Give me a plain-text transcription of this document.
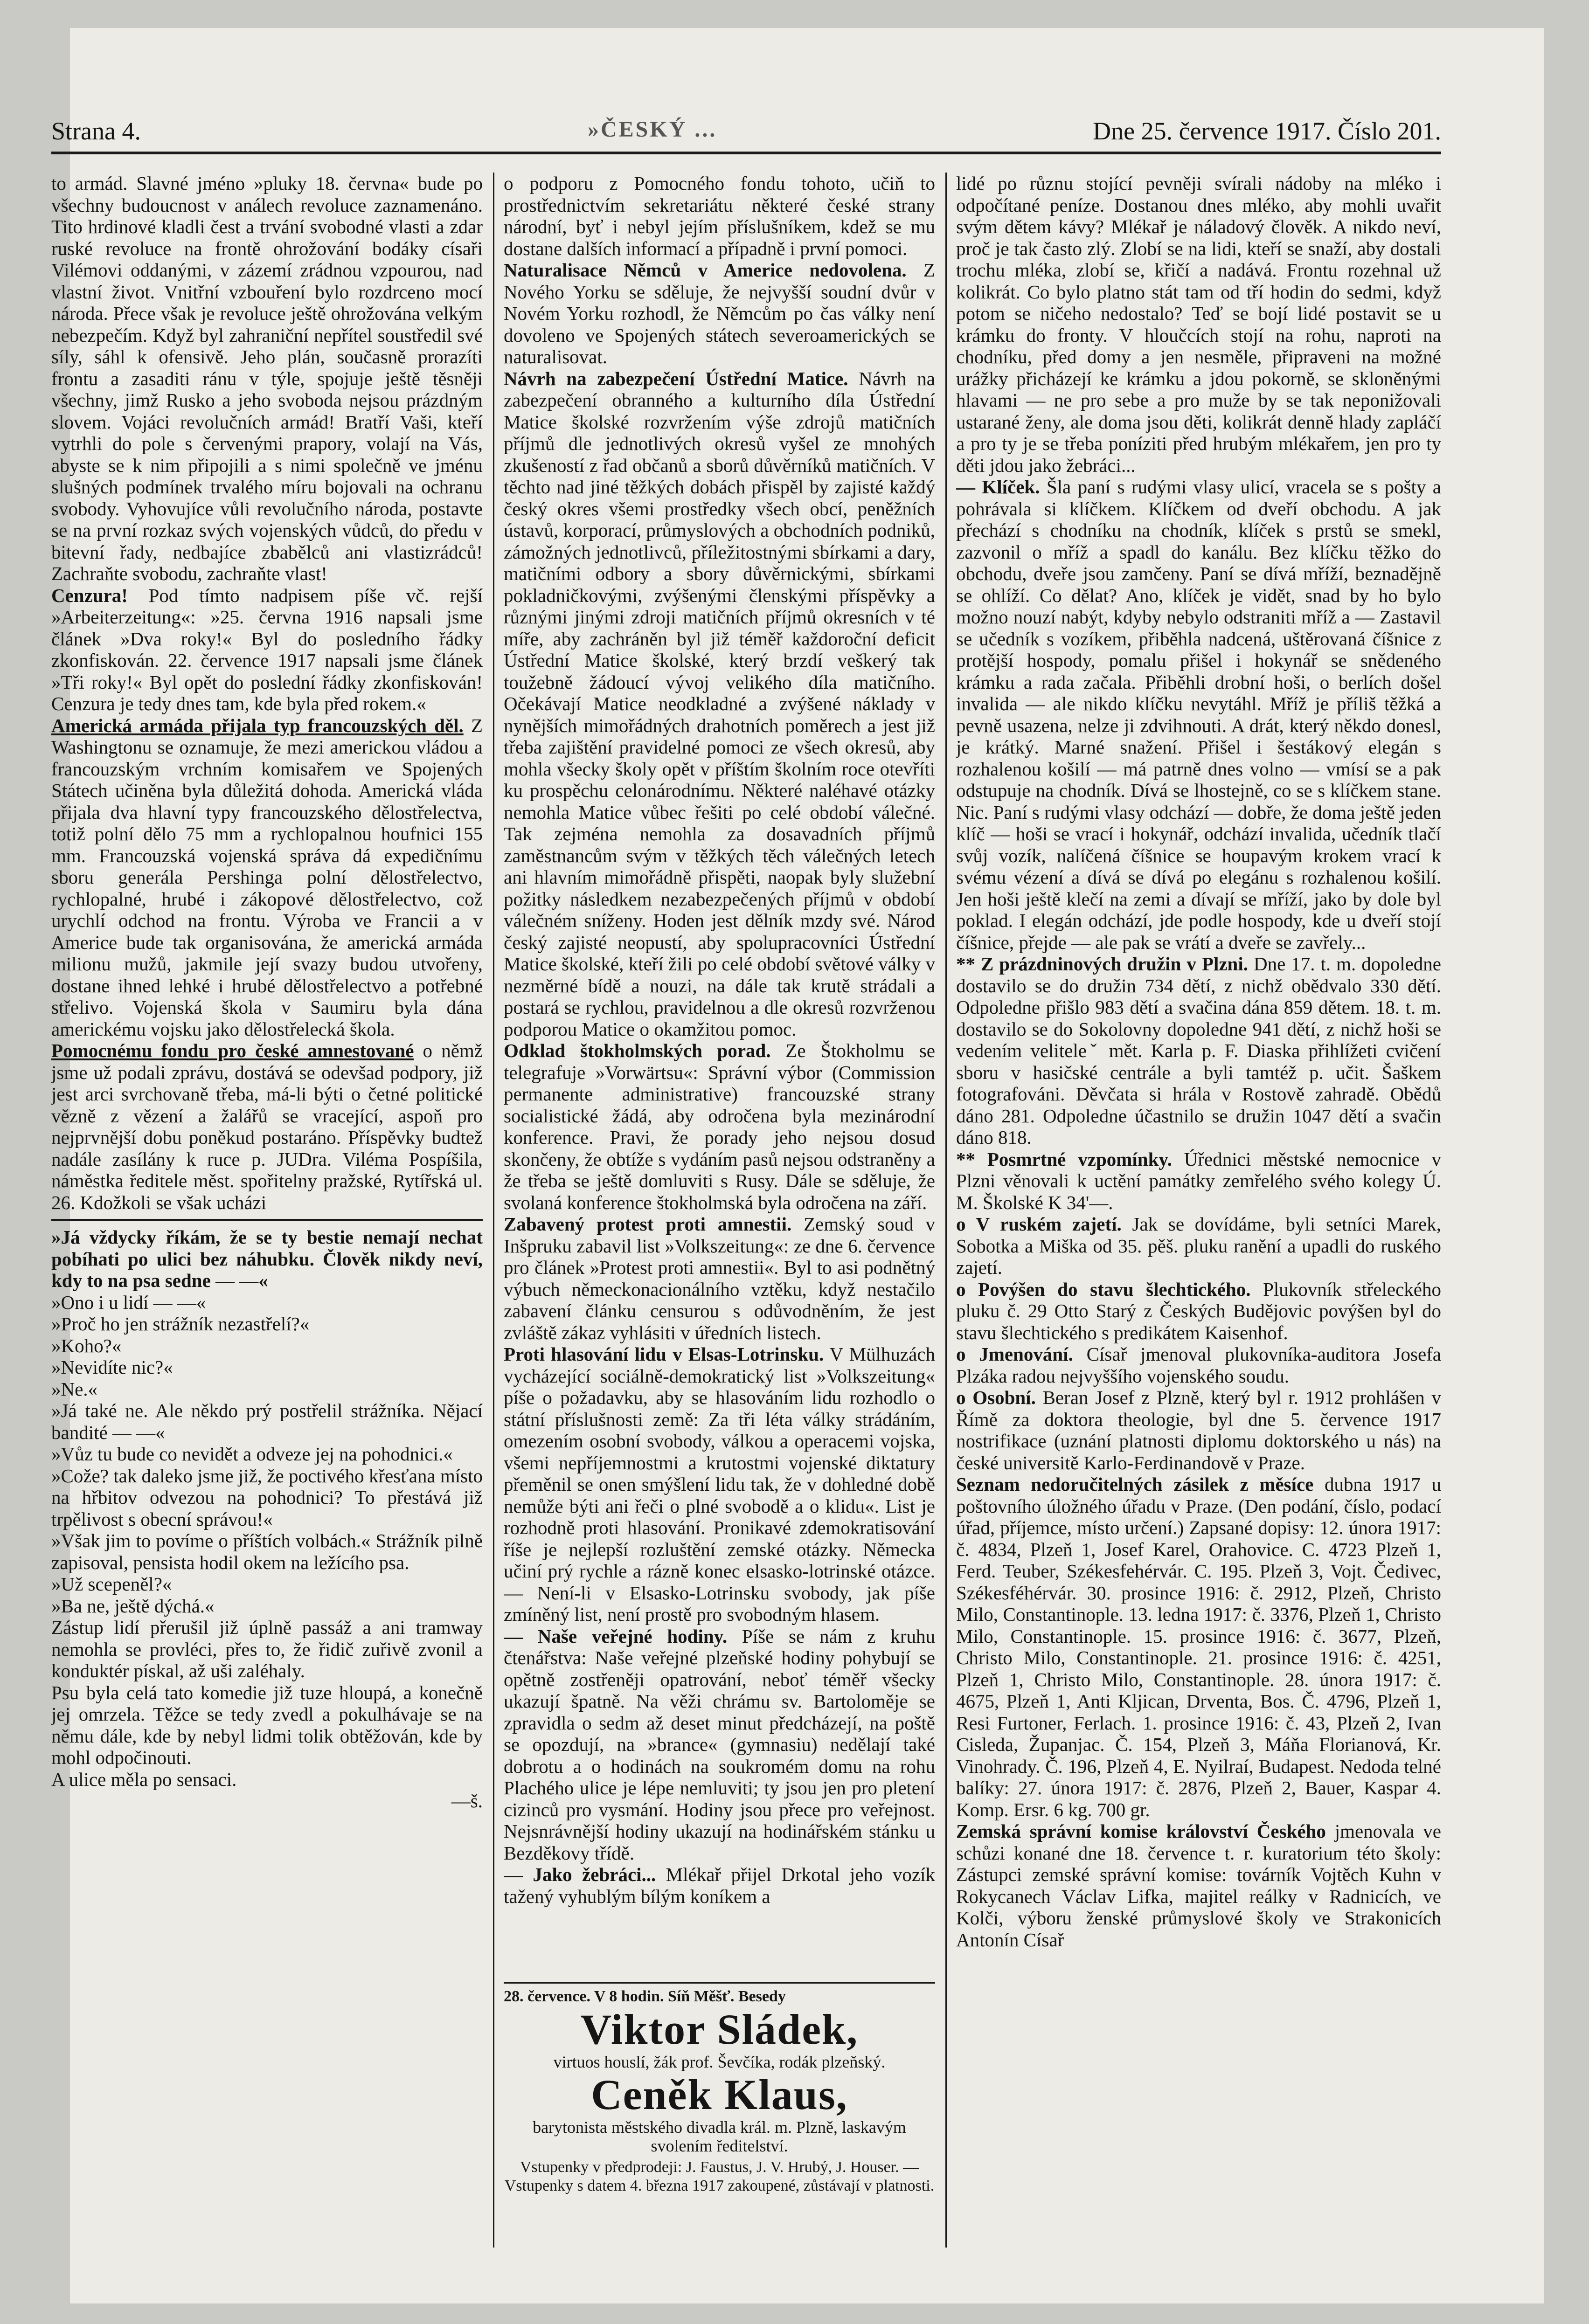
Strana 4.	»ČESKÝ ...	Dne 25. července 1917. Číslo 201.

to armád. Slavné jméno »pluky 18. června« bude po všechny budoucnost v análech revoluce zaznamenáno. Tito hrdinové kladli čest a trvání svobodné vlasti a zdar ruské revoluce na frontě ohrožování bodáky císaři Vilémovi oddanými, v zázemí zrádnou vzpourou, nad vlastní život. Vnitřní vzbouření bylo rozdrceno mocí národa. Přece však je revoluce ještě ohrožována velkým nebezpečím. Když byl zahraniční nepřítel soustředil své síly, sáhl k ofensivě. Jeho plán, současně prorazíti frontu a zasaditi ránu v týle, spojuje ještě těsněji všechny, jimž Rusko a jeho svoboda nejsou prázdným slovem. Vojáci revolučních armád! Bratří Vaši, kteří vytrhli do pole s červenými prapory, volají na Vás, abyste se k nim připojili a s nimi společně ve jménu slušných podmínek trvalého míru bojovali na ochranu svobody. Vyhovujíce vůli revolučního národa, postavte se na první rozkaz svých vojenských vůdců, do předu v bitevní řady, nedbajíce zbabělců ani vlastizrádců! Zachraňte svobodu, zachraňte vlast!

Cenzura! Pod tímto nadpisem píše vč. rejší »Arbeiterzeitung«: »25. června 1916 napsali jsme článek »Dva roky!« Byl do posledního řádky zkonfiskován. 22. července 1917 napsali jsme článek »Tři roky!« Byl opět do poslední řádky zkonfiskován! Cenzura je tedy dnes tam, kde byla před rokem.«

Americká armáda přijala typ francouzských děl. Z Washingtonu se oznamuje, že mezi americkou vládou a francouzským vrchním komisařem ve Spojených Státech učiněna byla důležitá dohoda. Americká vláda přijala dva hlavní typy francouzského dělostřelectva, totiž polní dělo 75 mm a rychlopalnou houfnici 155 mm. Francouzská vojenská správa dá expedičnímu sboru generála Pershinga polní dělostřelectvo, rychlopalné, hrubé i zákopové dělostřelectvo, což urychlí odchod na frontu. Výroba ve Francii a v Americe bude tak organisována, že americká armáda milionu mužů, jakmile její svazy budou utvořeny, dostane ihned lehké i hrubé dělostřelectvo a potřebné střelivo. Vojenská škola v Saumiru byla dána americkému vojsku jako dělostřelecká škola.

Pomocnému fondu pro české amnestované o němž jsme už podali zprávu, dostává se odevšad podpory, již jest arci svrchovaně třeba, má-li býti o četné politické vězně z vězení a žalářů se vracející, aspoň pro nejprvnější dobu poněkud postaráno. Příspěvky budtež nadále zasílány k ruce p. JUDra. Viléma Pospíšila, náměstka ředitele měst. spořitelny pražské, Rytířská ul. 26. Kdožkoli se však ucházi

»Já vždycky říkám, že se ty bestie nemají nechat pobíhati po ulici bez náhubku. Člověk nikdy neví, kdy to na psa sedne — —«

»Ono i u lidí — —«

»Proč ho jen strážník nezastřelí?«

»Koho?«

»Nevidíte nic?«

»Ne.«

»Já také ne. Ale někdo prý postřelil strážníka. Nějací bandité — —«

»Vůz tu bude co nevidět a odveze jej na pohodnici.«

»Cože? tak daleko jsme již, že poctivého křesťana místo na hřbitov odvezou na pohodnici? To přestává již trpělivost s obecní správou!«

»Však jim to povíme o příštích volbách.« Strážník pilně zapisoval, pensista hodil okem na ležícího psa.

»Už scepeněl?«

»Ba ne, ještě dýchá.«

Zástup lidí přerušil již úplně passáž a ani tramway nemohla se provléci, přes to, že řidič zuřivě zvonil a konduktér pískal, až uši zaléhaly.

Psu byla celá tato komedie již tuze hloupá, a konečně jej omrzela. Těžce se tedy zvedl a pokulhávaje se na němu dále, kde by nebyl lidmi tolik obtěžován, kde by mohl odpočinouti.

A ulice měla po sensaci.

—š.

o podporu z Pomocného fondu tohoto, učiň to prostřednictvím sekretariátu některé české strany národní, byť i nebyl jejím příslušníkem, kdež se mu dostane dalších informací a případně i první pomoci.

Naturalisace Němců v Americe nedovolena. Z Nového Yorku se sděluje, že nejvyšší soudní dvůr v Novém Yorku rozhodl, že Němcům po čas války není dovoleno ve Spojených státech severoamerických se naturalisovat.

Návrh na zabezpečení Ústřední Matice. Návrh na zabezpečení obranného a kulturního díla Ústřední Matice školské rozvržením výše zdrojů matičních příjmů dle jednotlivých okresů vyšel ze mnohých zkušeností z řad občanů a sborů důvěrníků matičních. V těchto nad jiné těžkých dobách přispěl by zajisté každý český okres všemi prostředky všech obcí, peněžních ústavů, korporací, průmyslových a obchodních podniků, zámožných jednotlivců, příležitostnými sbírkami a dary, matičními odbory a sbory důvěrnickými, sbírkami pokladničkovými, zvýšenými členskými příspěvky a různými jinými zdroji matičních příjmů okresních v té míře, aby zachráněn byl již téměř každoroční deficit Ústřední Matice školské, který brzdí veškerý tak toužebně žádoucí vývoj velikého díla matičního. Očekávají Matice neodkladné a zvýšené náklady v nynějších mimořádných drahotních poměrech a jest již třeba zajištění pravidelné pomoci ze všech okresů, aby mohla všecky školy opět v příštím školním roce otevříti ku prospěchu celonárodnímu. Některé naléhavé otázky nemohla Matice vůbec řešiti po celé období válečné. Tak zejména nemohla za dosavadních příjmů zaměstnancům svým v těžkých těch válečných letech ani hlavním mimořádně přispěti, naopak byly služební požitky následkem nezabezpečených příjmů v období válečném sníženy. Hoden jest dělník mzdy své. Národ český zajisté neopustí, aby spolupracovníci Ústřední Matice školské, kteří žili po celé období světové války v nezměrné bídě a nouzi, na dále tak krutě strádali a postará se rychlou, pravidelnou a dle okresů rozvrženou podporou Matice o okamžitou pomoc.

Odklad štokholmských porad. Ze Štokholmu se telegrafuje »Vorwärtsu«: Správní výbor (Commission permanente administrative) francouzské strany socialistické žádá, aby odročena byla mezinárodní konference. Pravi, že porady jeho nejsou dosud skončeny, že obtíže s vydáním pasů nejsou odstraněny a že třeba se ještě domluviti s Rusy. Dále se sděluje, že svolaná konference štokholmská byla odročena na září.

Zabavený protest proti amnestii. Zemský soud v Inšpruku zabavil list »Volkszeitung«: ze dne 6. července pro článek »Protest proti amnestii«. Byl to asi podnětný výbuch německonacionálního vztěku, když nestačilo zabavení článku censurou s odůvodněním, že jest zvláště zákaz vyhlásiti v úředních listech.

Proti hlasování lidu v Elsas-Lotrinsku. V Mülhuzách vycházející sociálně-demokratický list »Volkszeitung« píše o požadavku, aby se hlasováním lidu rozhodlo o státní příslušnosti země: Za tři léta války strádáním, omezením osobní svobody, válkou a operacemi vojska, všemi nepříjemnostmi a krutostmi vojenské diktatury přeměnil se onen smýšlení lidu tak, že v dohledné době nemůže býti ani řeči o plné svobodě a o klidu«. List je rozhodně proti hlasování. Pronikavé zdemokratisování říše je nejlepší rozluštění zemské otázky. Německa učiní prý rychle a rázně konec elsasko-lotrinské otázce. — Není-li v Elsasko-Lotrinsku svobody, jak píše zmíněný list, není prostě pro svobodným hlasem.

— Naše veřejné hodiny. Píše se nám z kruhu čtenářstva: Naše veřejné plzeňské hodiny pohybují se opětně zostřeněji opatrování, neboť téměř všecky ukazují špatně. Na věži chrámu sv. Bartoloměje se zpravidla o sedm až deset minut předcházejí, na poště se opozdují, na »brance« (gymnasiu) nedělají také dobrotu a o hodinách na soukromém domu na rohu Plachého ulice je lépe nemluviti; ty jsou jen pro pletení cizinců pro vysmání. Hodiny jsou přece pro veřejnost. Nejsnrávnější hodiny ukazují na hodinářském stánku u Bezděkovy třídě.

— Jako žebráci... Mlékař přijel Drkotal jeho vozík tažený vyhublým bílým koníkem a

28. července. V 8 hodin. Síň Měšť. Besedy
Viktor Sládek,
virtuos houslí, žák prof. Ševčíka, rodák plzeňský.
Ceněk Klaus,
barytonista městského divadla král. m. Plzně, laskavým svolením ředitelství.
Vstupenky v předprodeji: J. Faustus, J. V. Hrubý, J. Houser. — Vstupenky s datem 4. března 1917 zakoupené, zůstávají v platnosti.

lidé po různu stojící pevněji svírali nádoby na mléko i odpočítané peníze. Dostanou dnes mléko, aby mohli uvařit svým dětem kávy? Mlékař je náladový člověk. A nikdo neví, proč je tak často zlý. Zlobí se na lidi, kteří se snaží, aby dostali trochu mléka, zlobí se, křičí a nadává. Frontu rozehnal už kolikrát. Co bylo platno stát tam od tří hodin do sedmi, když potom se ničeho nedostalo? Teď se bojí lidé postavit se u krámku do fronty. V hloučcích stojí na rohu, naproti na chodníku, před domy a jen nesměle, připraveni na možné urážky přicházejí ke krámku a jdou pokorně, se skloněnými hlavami — ne pro sebe a pro muže by se tak neponižovali ustarané ženy, ale doma jsou děti, kolikrát denně hlady zapláčí a pro ty je se třeba poníziti před hrubým mlékařem, jen pro ty děti jdou jako žebráci...

— Klíček. Šla paní s rudými vlasy ulicí, vracela se s pošty a pohrávala si klíčkem. Klíčkem od dveří obchodu. A jak přechází s chodníku na chodník, klíček s prstů se smekl, zazvonil o mříž a spadl do kanálu. Bez klíčku těžko do obchodu, dveře jsou zamčeny. Paní se dívá mříží, beznadějně se ohlíží. Co dělat? Ano, klíček je vidět, snad by ho bylo možno nouzí nabýt, kdyby nebylo odstraniti mříž a — Zastavil se učedník s vozíkem, přiběhla nadcená, uštěrovaná číšnice z protější hospody, pomalu přišel i hokynář se snědeného krámku a rada začala. Přiběhli drobní hoši, o berlích došel invalida — ale nikdo klíčku nevytáhl. Mříž je příliš těžká a pevně usazena, nelze ji zdvihnouti. A drát, který někdo donesl, je krátký. Marné snažení. Přišel i šestákový elegán s rozhalenou košilí — má patrně dnes volno — vmísí se a pak odstupuje na chodník. Dívá se lhostejně, co se s klíčkem stane. Nic. Paní s rudými vlasy odchází — dobře, že doma ještě jeden klíč — hoši se vrací i hokynář, odchází invalida, učedník tlačí svůj vozík, nalíčená číšnice se houpavým krokem vrací k svému vézení a dívá se dívá po elegánu s rozhalenou košilí. Jen hoši ještě klečí na zemi a dívají se mříží, jako by dole byl poklad. I elegán odchází, jde podle hospody, kde u dveří stojí číšnice, přejde — ale pak se vrátí a dveře se zavřely...

** Z prázdninových družin v Plzni. Dne 17. t. m. dopoledne dostavilo se do družin 734 dětí, z nichž obědvalo 330 dětí. Odpoledne přišlo 983 dětí a svačina dána 859 dětem. 18. t. m. dostavilo se do Sokolovny dopoledne 941 dětí, z nichž hoši se vedením veliteleˇ mět. Karla p. F. Diaska přihlížeti cvičení sboru v hasičské centrále a byli tamtéž p. učit. Šaškem fotografováni. Děvčata si hrála v Rostově zahradě. Obědů dáno 281. Odpoledne účastnilo se družin 1047 dětí a svačin dáno 818.

** Posmrtné vzpomínky. Úřednici městské nemocnice v Plzni věnovali k uctění památky zemřelého svého kolegy Ú. M. Školské K 34'—.

o V ruském zajetí. Jak se dovídáme, byli setníci Marek, Sobotka a Miška od 35. pěš. pluku ranění a upadli do ruského zajetí.

o Povýšen do stavu šlechtického. Plukovník střeleckého pluku č. 29 Otto Starý z Českých Budějovic povýšen byl do stavu šlechtického s predikátem Kaisenhof.

o Jmenování. Císař jmenoval plukovníka-auditora Josefa Plzáka radou nejvyššího vojenského soudu.

o Osobní. Beran Josef z Plzně, který byl r. 1912 prohlášen v Římě za doktora theologie, byl dne 5. července 1917 nostrifikace (uznání platnosti diplomu doktorského u nás) na české universitě Karlo-Ferdinandově v Praze.

Seznam nedoručitelných zásilek z měsíce dubna 1917 u poštovního úložného úřadu v Praze. (Den podání, číslo, podací úřad, příjemce, místo určení.) Zapsané dopisy: 12. února 1917: č. 4834, Plzeň 1, Josef Karel, Orahovice. C. 4723 Plzeň 1, Ferd. Teuber, Székesfehérvár. C. 195. Plzeň 3, Vojt. Čedivec, Székesféhérvár. 30. prosince 1916: č. 2912, Plzeň, Christo Milo, Constantinople. 13. ledna 1917: č. 3376, Plzeň 1, Christo Milo, Constantinople. 15. prosince 1916: č. 3677, Plzeň, Christo Milo, Constantinople. 21. prosince 1916: č. 4251, Plzeň 1, Christo Milo, Constantinople. 28. února 1917: č. 4675, Plzeň 1, Anti Kljican, Drventa, Bos. Č. 4796, Plzeň 1, Resi Furtoner, Ferlach. 1. prosince 1916: č. 43, Plzeň 2, Ivan Cisleda, Županjac. Č. 154, Plzeň 3, Máňa Florianová, Kr. Vinohrady. Č. 196, Plzeň 4, E. Nyilraí, Budapest. Nedoda telné balíky: 27. února 1917: č. 2876, Plzeň 2, Bauer, Kaspar 4. Komp. Ersr. 6 kg. 700 gr.

Zemská správní komise království Českého jmenovala ve schůzi konané dne 18. července t. r. kuratorium této školy: Zástupci zemské správní komise: továrník Vojtěch Kuhn v Rokycanech Václav Lifka, majitel reálky v Radnicích, ve Kolči, výboru ženské průmyslové školy ve Strakonicích Antonín Císař
